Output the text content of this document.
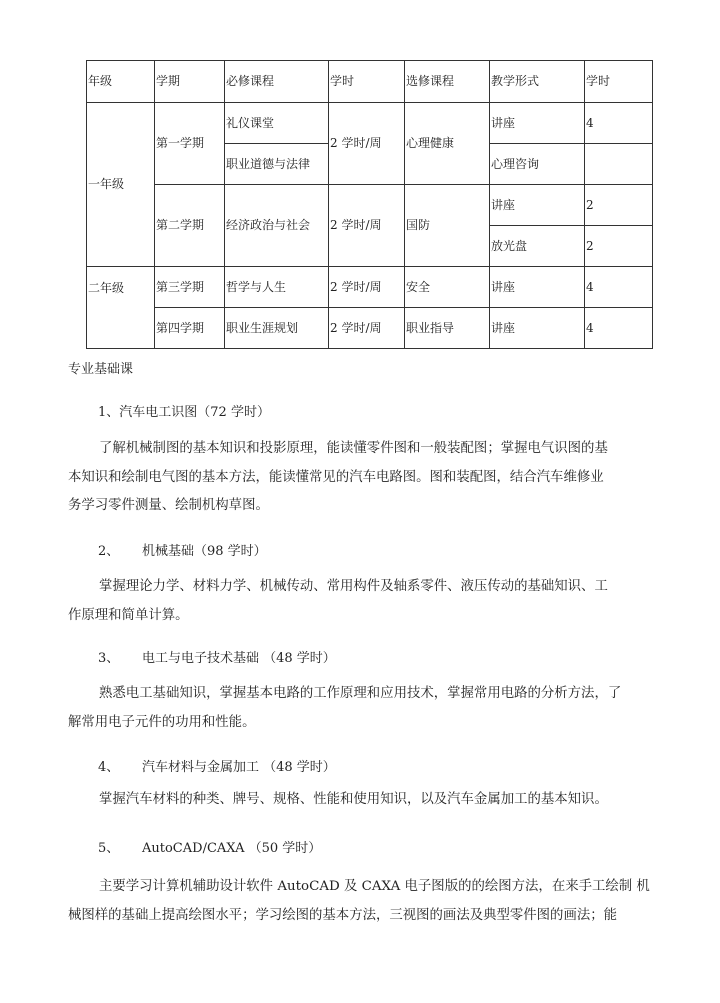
年级	学期	必修课程	学时	选修课程	教学形式	学时
一年级	第一学期	礼仪课堂	2 学时/周	心理健康	讲座	4
		职业道德与法律			心理咨询	
	第二学期	经济政治与社会	2 学时/周	国防	讲座	2
					放光盘	2
二年级	第三学期	哲学与人生	2 学时/周	安全	讲座	4
	第四学期	职业生涯规划	2 学时/周	职业指导	讲座	4
专业基础课
1、汽车电工识图（72 学时）
了解机械制图的基本知识和投影原理，能读懂零件图和一般装配图；掌握电气识图的基
本知识和绘制电气图的基本方法，能读懂常见的汽车电路图。图和装配图，结合汽车维修业
务学习零件测量、绘制机构草图。
2、 机械基础（98 学时）
掌握理论力学、材料力学、机械传动、常用构件及轴系零件、液压传动的基础知识、工
作原理和简单计算。
3、 电工与电子技术基础 （48 学时）
熟悉电工基础知识，掌握基本电路的工作原理和应用技术，掌握常用电路的分析方法，了
解常用电子元件的功用和性能。
4、 汽车材料与金属加工 （48 学时）
掌握汽车材料的种类、牌号、规格、性能和使用知识，以及汽车金属加工的基本知识。
5、 AutoCAD/CAXA （50 学时）
主要学习计算机辅助设计软件 AutoCAD 及 CAXA 电子图版的的绘图方法，在来手工绘制 机
械图样的基础上提高绘图水平；学习绘图的基本方法，三视图的画法及典型零件图的画法；能
